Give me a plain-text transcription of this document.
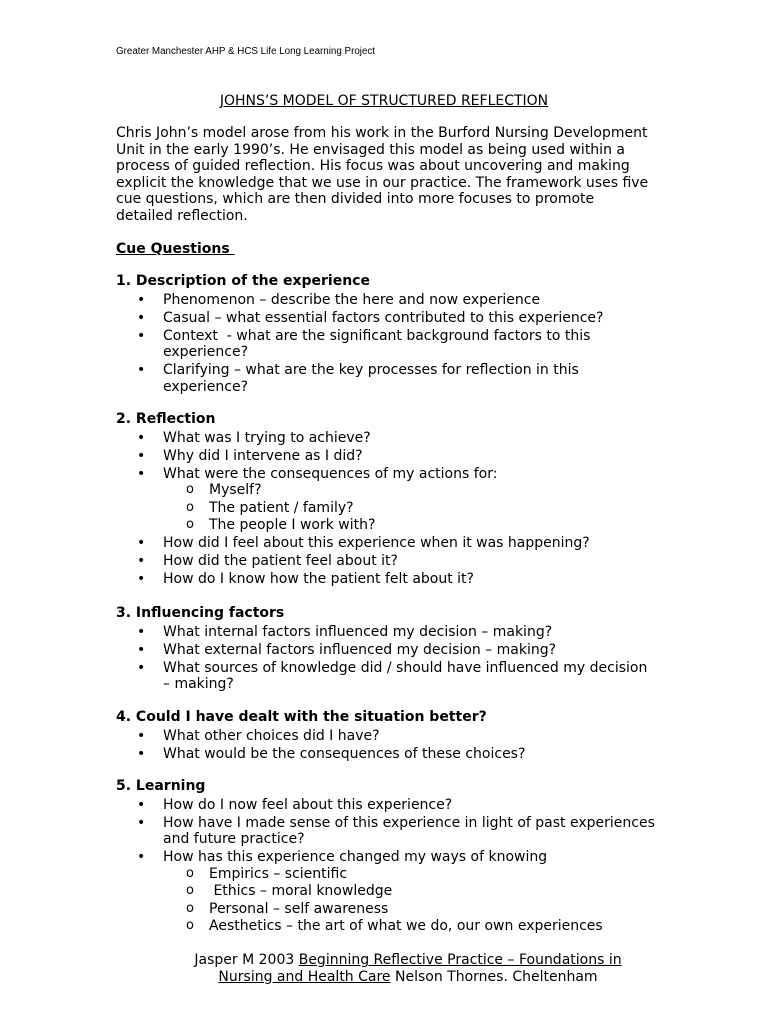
Greater Manchester AHP & HCS Life Long Learning Project
JOHNS’S MODEL OF STRUCTURED REFLECTION
Chris John’s model arose from his work in the Burford Nursing Development
Unit in the early 1990’s. He envisaged this model as being used within a
process of guided reflection. His focus was about uncovering and making
explicit the knowledge that we use in our practice. The framework uses five
cue questions, which are then divided into more focuses to promote
detailed reflection.
Cue Questions
1. Description of the experience
• Phenomenon – describe the here and now experience
• Casual – what essential factors contributed to this experience?
• Context  - what are the significant background factors to this
experience?
• Clarifying – what are the key processes for reflection in this
experience?
2. Reflection
• What was I trying to achieve?
• Why did I intervene as I did?
• What were the consequences of my actions for:
o Myself?
o The patient / family?
o The people I work with?
• How did I feel about this experience when it was happening?
• How did the patient feel about it?
• How do I know how the patient felt about it?
3. Influencing factors
• What internal factors influenced my decision – making?
• What external factors influenced my decision – making?
• What sources of knowledge did / should have influenced my decision
– making?
4. Could I have dealt with the situation better?
• What other choices did I have?
• What would be the consequences of these choices?
5. Learning
• How do I now feel about this experience?
• How have I made sense of this experience in light of past experiences
and future practice?
• How has this experience changed my ways of knowing
o Empirics – scientific
o Ethics – moral knowledge
o Personal – self awareness
o Aesthetics – the art of what we do, our own experiences
Jasper M 2003 Beginning Reflective Practice – Foundations in
Nursing and Health Care Nelson Thornes. Cheltenham
